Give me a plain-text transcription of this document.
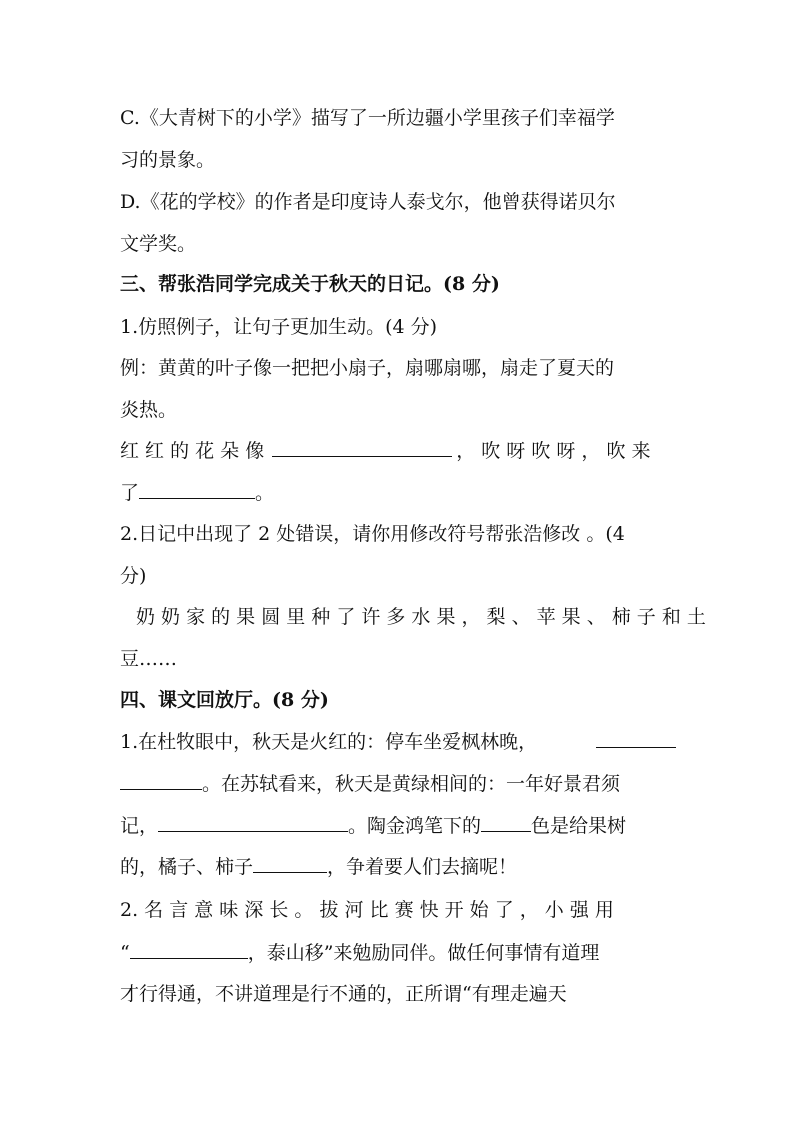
C.《大青树下的小学》描写了一所边疆小学里孩子们幸福学
习的景象。
D.《花的学校》的作者是印度诗人泰戈尔，他曾获得诺贝尔
文学奖。
三、帮张浩同学完成关于秋天的日记。(8 分)
1.仿照例子，让句子更加生动。(4 分)
例：黄黄的叶子像一把把小扇子，扇哪扇哪，扇走了夏天的
炎热。
红 红 的 花 朵 像	， 吹 呀 吹 呀 ， 吹 来
了	。
2.日记中出现了 2 处错误，请你用修改符号帮张浩修改 。(4
分)
奶 奶 家 的 果 圆 里 种 了 许 多 水 果 ， 梨 、 苹 果 、 柿 子 和 土
豆……
四、课文回放厅。(8 分)
1.在杜牧眼中，秋天是火红的：停车坐爱枫林晚，
。在苏轼看来，秋天是黄绿相间的：一年好景君须
记，	。陶金鸿笔下的	色是给果树
的，橘子、柿子	，争着要人们去摘呢！
2. 名 言 意 味 深 长 。 拔 河 比 赛 快 开 始 了 ， 小 强 用
“	，泰山移”来勉励同伴。做任何事情有道理
才行得通，不讲道理是行不通的，正所谓“有理走遍天
